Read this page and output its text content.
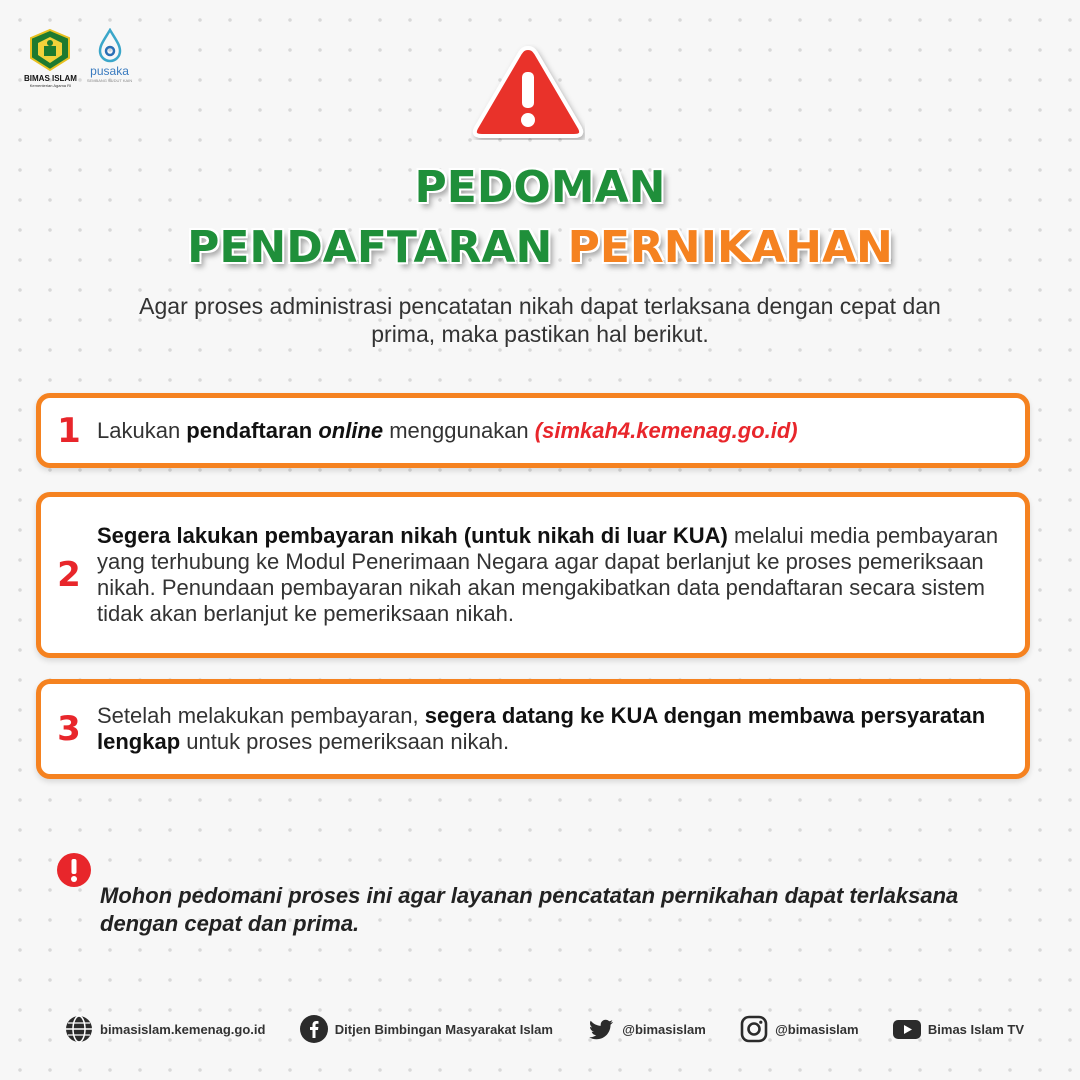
BIMAS ISLAM
Kementerian Agama RI
pusaka
SEMBANG SUDUT KAIN
PEDOMAN
PENDAFTARAN PERNIKAHAN
Agar proses administrasi pencatatan nikah dapat terlaksana dengan cepat dan
prima, maka pastikan hal berikut.
1 Lakukan pendaftaran online menggunakan (simkah4.kemenag.go.id)
2
Segera lakukan pembayaran nikah (untuk nikah di luar KUA) melalui media pembayaran yang terhubung ke Modul Penerimaan Negara agar dapat berlanjut ke proses pemeriksaan nikah. Penundaan pembayaran nikah akan mengakibatkan data pendaftaran secara sistem tidak akan berlanjut ke pemeriksaan nikah.
3 Setelah melakukan pembayaran, segera datang ke KUA dengan membawa persyaratan lengkap untuk proses pemeriksaan nikah.
Mohon pedomani proses ini agar layanan pencatatan pernikahan dapat terlaksana dengan cepat dan prima.
bimasislam.kemenag.go.id	Ditjen Bimbingan Masyarakat Islam	@bimasislam	@bimasislam	Bimas Islam TV
